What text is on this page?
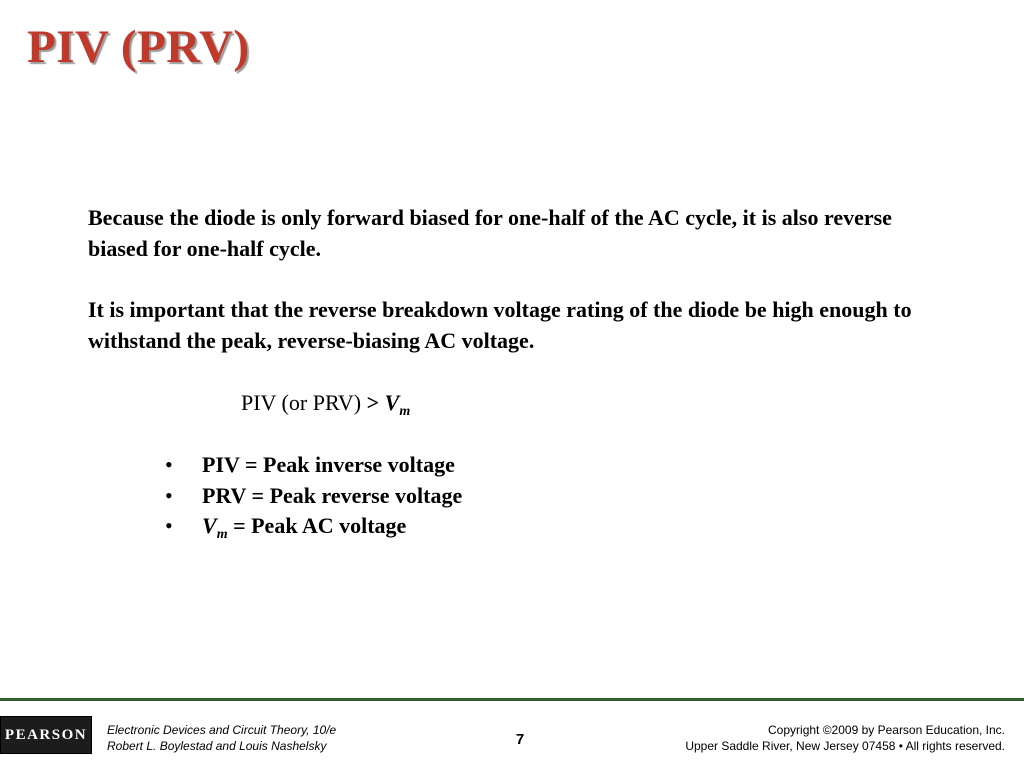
PIV (PRV)

Because the diode is only forward biased for one-half of the AC cycle, it is also reverse biased for one-half cycle.

It is important that the reverse breakdown voltage rating of the diode be high enough to withstand the peak, reverse-biasing AC voltage.

PIV (or $PRV) > V_m$
•	PIV = Peak inverse voltage
•	PRV = Peak reverse voltage
•	$V_m$ = Peak AC voltage
PEARSON Electronic Devices and Circuit Theory, 10/e
Robert L. Boylestad and Louis Nashelsky	7
Copyright ©2009 by Pearson Education, Inc.
Upper Saddle River, New Jersey 07458 • All rights reserved.
